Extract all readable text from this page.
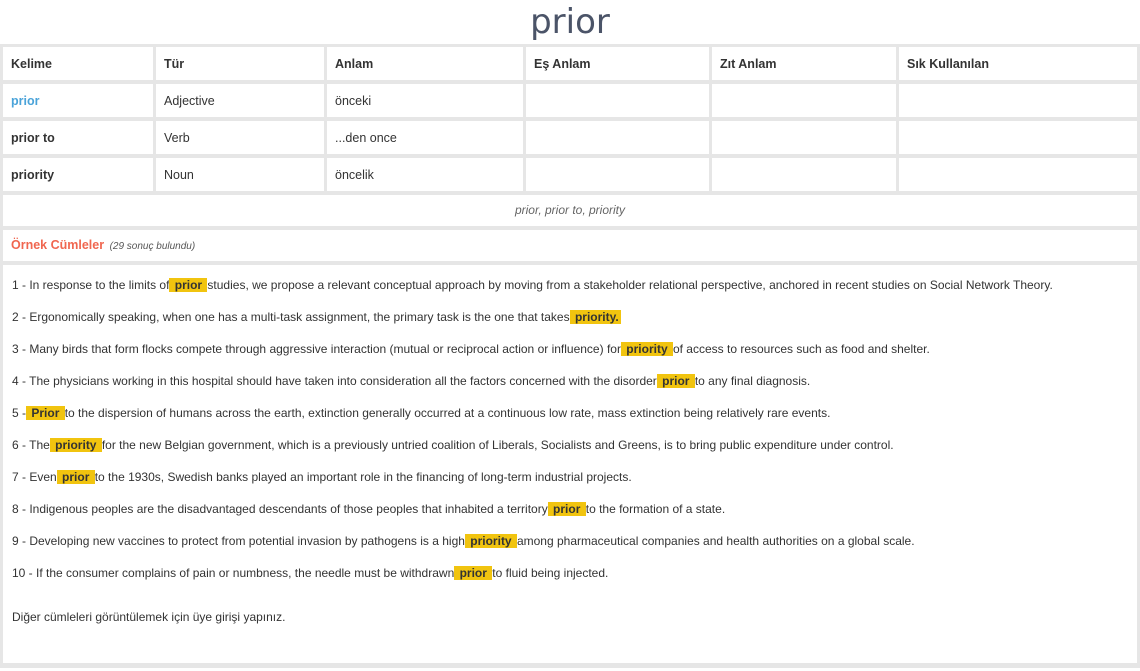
prior
Kelime	Tür	Anlam	Eş Anlam	Zıt Anlam	Sık Kullanılan
prior	Adjective	önceki			
prior to	Verb	...den once			
priority	Noun	öncelik			
prior, prior to, priority
Örnek Cümleler (29 sonuç bulundu)
1 - In response to the limits of prior studies, we propose a relevant conceptual approach by moving from a stakeholder relational perspective, anchored in recent studies on Social Network Theory.
2 - Ergonomically speaking, when one has a multi-task assignment, the primary task is the one that takes priority.
3 - Many birds that form flocks compete through aggressive interaction (mutual or reciprocal action or influence) for priority of access to resources such as food and shelter.
4 - The physicians working in this hospital should have taken into consideration all the factors concerned with the disorder prior to any final diagnosis.
5 - Prior to the dispersion of humans across the earth, extinction generally occurred at a continuous low rate, mass extinction being relatively rare events.
6 - The priority for the new Belgian government, which is a previously untried coalition of Liberals, Socialists and Greens, is to bring public expenditure under control.
7 - Even prior to the 1930s, Swedish banks played an important role in the financing of long-term industrial projects.
8 - Indigenous peoples are the disadvantaged descendants of those peoples that inhabited a territory prior to the formation of a state.
9 - Developing new vaccines to protect from potential invasion by pathogens is a high priority among pharmaceutical companies and health authorities on a global scale.
10 - If the consumer complains of pain or numbness, the needle must be withdrawn prior to fluid being injected.
Diğer cümleleri görüntülemek için üye girişi yapınız.
